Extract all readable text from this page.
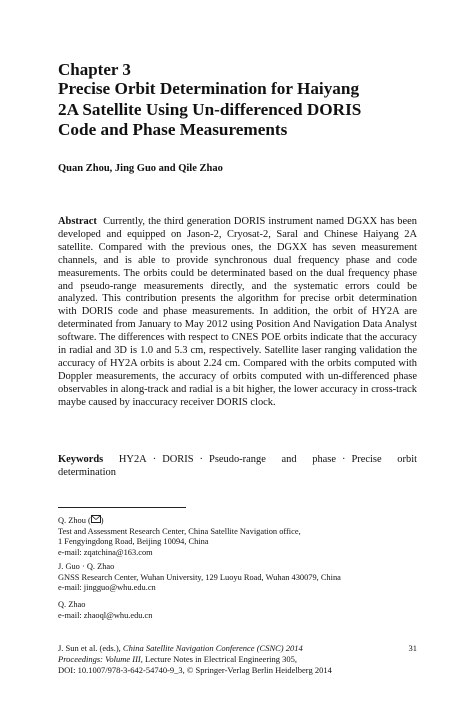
Chapter 3
Precise Orbit Determination for Haiyang
2A Satellite Using Un-differenced DORIS
Code and Phase Measurements
Quan Zhou, Jing Guo and Qile Zhao
Abstract Currently, the third generation DORIS instrument named DGXX has been developed and equipped on Jason-2, Cryosat-2, Saral and Chinese Haiyang 2A satellite. Compared with the previous ones, the DGXX has seven measurement channels, and is able to provide synchronous dual frequency phase and code measurements. The orbits could be determinated based on the dual frequency phase and pseudo-range measurements directly, and the systematic errors could be analyzed. This contribution presents the algorithm for precise orbit determination with DORIS code and phase measurements. In addition, the orbit of HY2A are determinated from January to May 2012 using Position And Navigation Data Analyst software. The differences with respect to CNES POE orbits indicate that the accuracy in radial and 3D is 1.0 and 5.3 cm, respectively. Satellite laser ranging validation the accuracy of HY2A orbits is about 2.24 cm. Compared with the orbits computed with Doppler measurements, the accuracy of orbits computed with un-differenced phase observables in along-track and radial is a bit higher, the lower accuracy in cross-track maybe caused by inaccuracy receiver DORIS clock.
Keywords HY2A · DORIS · Pseudo-range and phase · Precise orbit determination
Q. Zhou ( )
Test and Assessment Research Center, China Satellite Navigation office,
1 Fengyingdong Road, Beijing 10094, China
e-mail: zqatchina@163.com
J. Guo · Q. Zhao
GNSS Research Center, Wuhan University, 129 Luoyu Road, Wuhan 430079, China
e-mail: jingguo@whu.edu.cn
Q. Zhao
e-mail: zhaoql@whu.edu.cn
J. Sun et al. (eds.), China Satellite Navigation Conference (CSNC) 2014
Proceedings: Volume III, Lecture Notes in Electrical Engineering 305,
DOI: 10.1007/978-3-642-54740-9_3, © Springer-Verlag Berlin Heidelberg 2014
31
